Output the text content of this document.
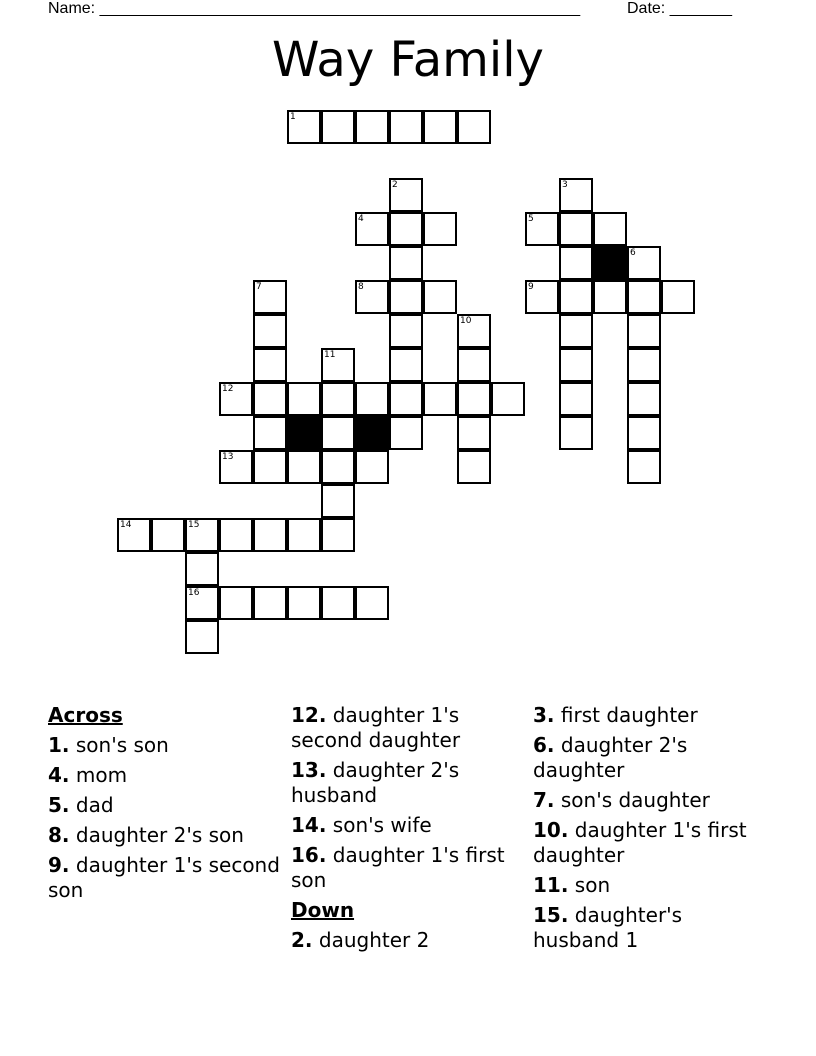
Name: ______________________________________________________	Date: _______
Way Family
1
2	3
4	5
6
7	8	9
10
11
12
13
14	15
16
Across
1. son's son
4. mom
5. dad
8. daughter 2's son
9. daughter 1's second son
12. daughter 1's second daughter
13. daughter 2's husband
14. son's wife
16. daughter 1's first son
Down
2. daughter 2
3. first daughter
6. daughter 2's daughter
7. son's daughter
10. daughter 1's first daughter
11. son
15. daughter's husband 1
